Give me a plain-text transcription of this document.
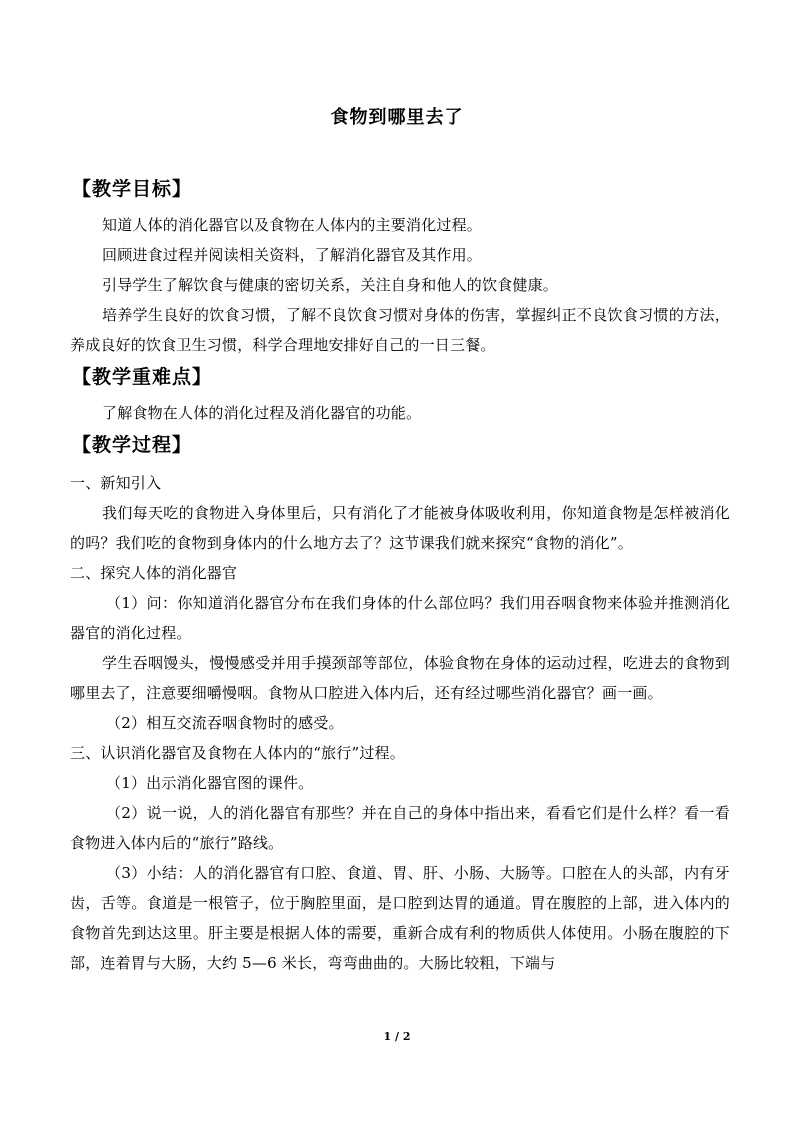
食物到哪里去了
【教学目标】
知道人体的消化器官以及食物在人体内的主要消化过程。
回顾进食过程并阅读相关资料，了解消化器官及其作用。
引导学生了解饮食与健康的密切关系，关注自身和他人的饮食健康。
培养学生良好的饮食习惯，了解不良饮食习惯对身体的伤害，掌握纠正不良饮食习惯的方法，养成良好的饮食卫生习惯，科学合理地安排好自己的一日三餐。
【教学重难点】
了解食物在人体的消化过程及消化器官的功能。
【教学过程】
一、新知引入
我们每天吃的食物进入身体里后，只有消化了才能被身体吸收利用，你知道食物是怎样被消化的吗？我们吃的食物到身体内的什么地方去了？这节课我们就来探究“食物的消化”。
二、探究人体的消化器官
（1）问：你知道消化器官分布在我们身体的什么部位吗？我们用吞咽食物来体验并推测消化器官的消化过程。
学生吞咽馒头，慢慢感受并用手摸颈部等部位，体验食物在身体的运动过程，吃进去的食物到哪里去了，注意要细嚼慢咽。食物从口腔进入体内后，还有经过哪些消化器官？画一画。
（2）相互交流吞咽食物时的感受。
三、认识消化器官及食物在人体内的“旅行”过程。
（1）出示消化器官图的课件。
（2）说一说，人的消化器官有那些？并在自己的身体中指出来，看看它们是什么样？看一看食物进入体内后的“旅行”路线。
（3）小结：人的消化器官有口腔、食道、胃、肝、小肠、大肠等。口腔在人的头部，内有牙齿，舌等。食道是一根管子，位于胸腔里面，是口腔到达胃的通道。胃在腹腔的上部，进入体内的食物首先到达这里。肝主要是根据人体的需要，重新合成有利的物质供人体使用。小肠在腹腔的下部，连着胃与大肠，大约 5—6 米长，弯弯曲曲的。大肠比较粗，下端与
1 / 2
